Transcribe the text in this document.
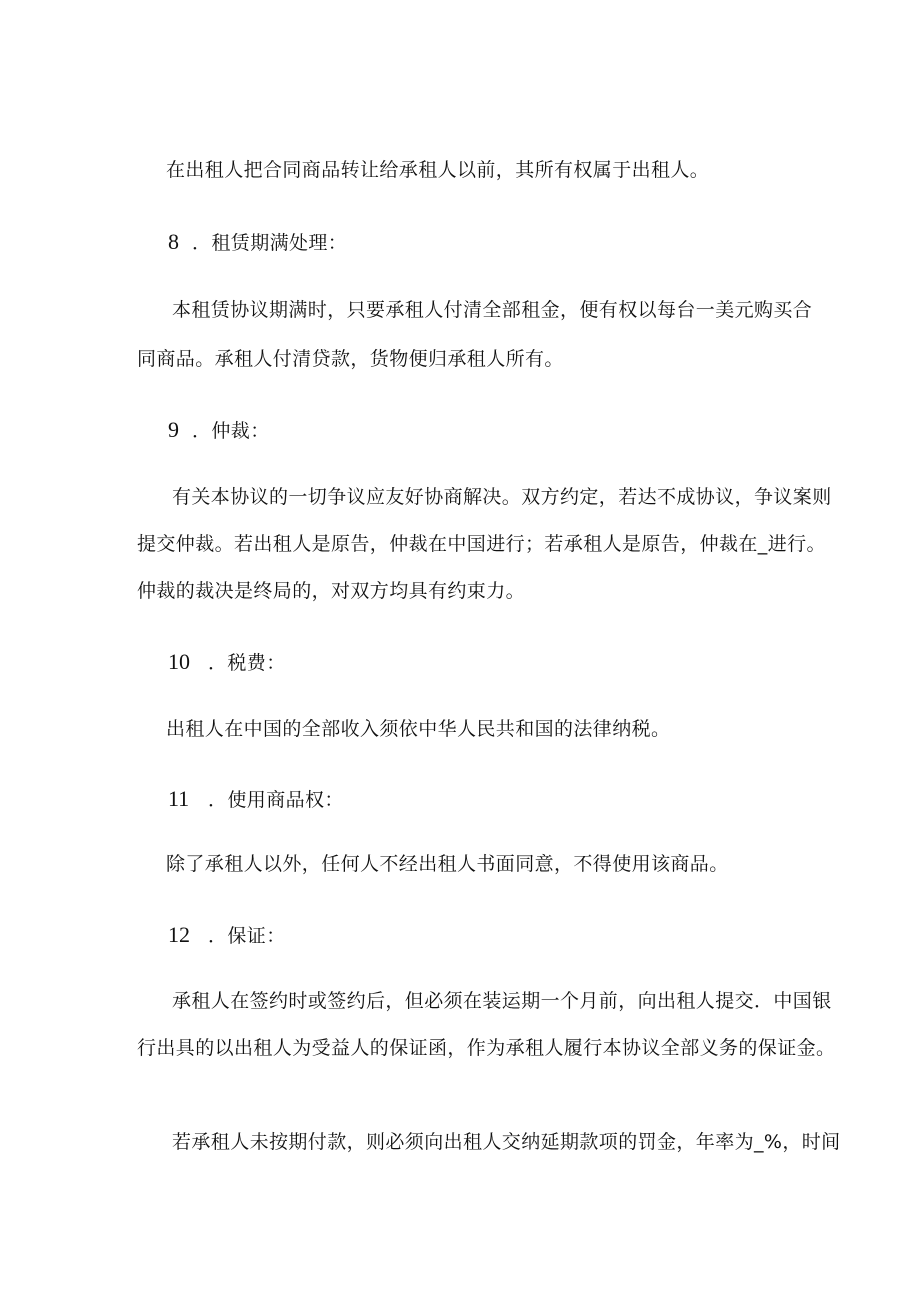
在出租人把合同商品转让给承租人以前，其所有权属于出租人。
8 ．租赁期满处理：
本租赁协议期满时，只要承租人付清全部租金，便有权以每台一美元购买合
同商品。承租人付清贷款，货物便归承租人所有。
9 ．仲裁：
有关本协议的一切争议应友好协商解决。双方约定，若达不成协议，争议案则
提交仲裁。若出租人是原告，仲裁在中国进行；若承租人是原告，仲裁在_进行。
仲裁的裁决是终局的，对双方均具有约束力。
10 ．税费：
出租人在中国的全部收入须依中华人民共和国的法律纳税。
11 ．使用商品权：
除了承租人以外，任何人不经出租人书面同意，不得使用该商品。
12 ．保证：
承租人在签约时或签约后，但必须在装运期一个月前，向出租人提交．中国银
行出具的以出租人为受益人的保证函，作为承租人履行本协议全部义务的保证金。
若承租人未按期付款，则必须向出租人交纳延期款项的罚金，年率为_%，时间
